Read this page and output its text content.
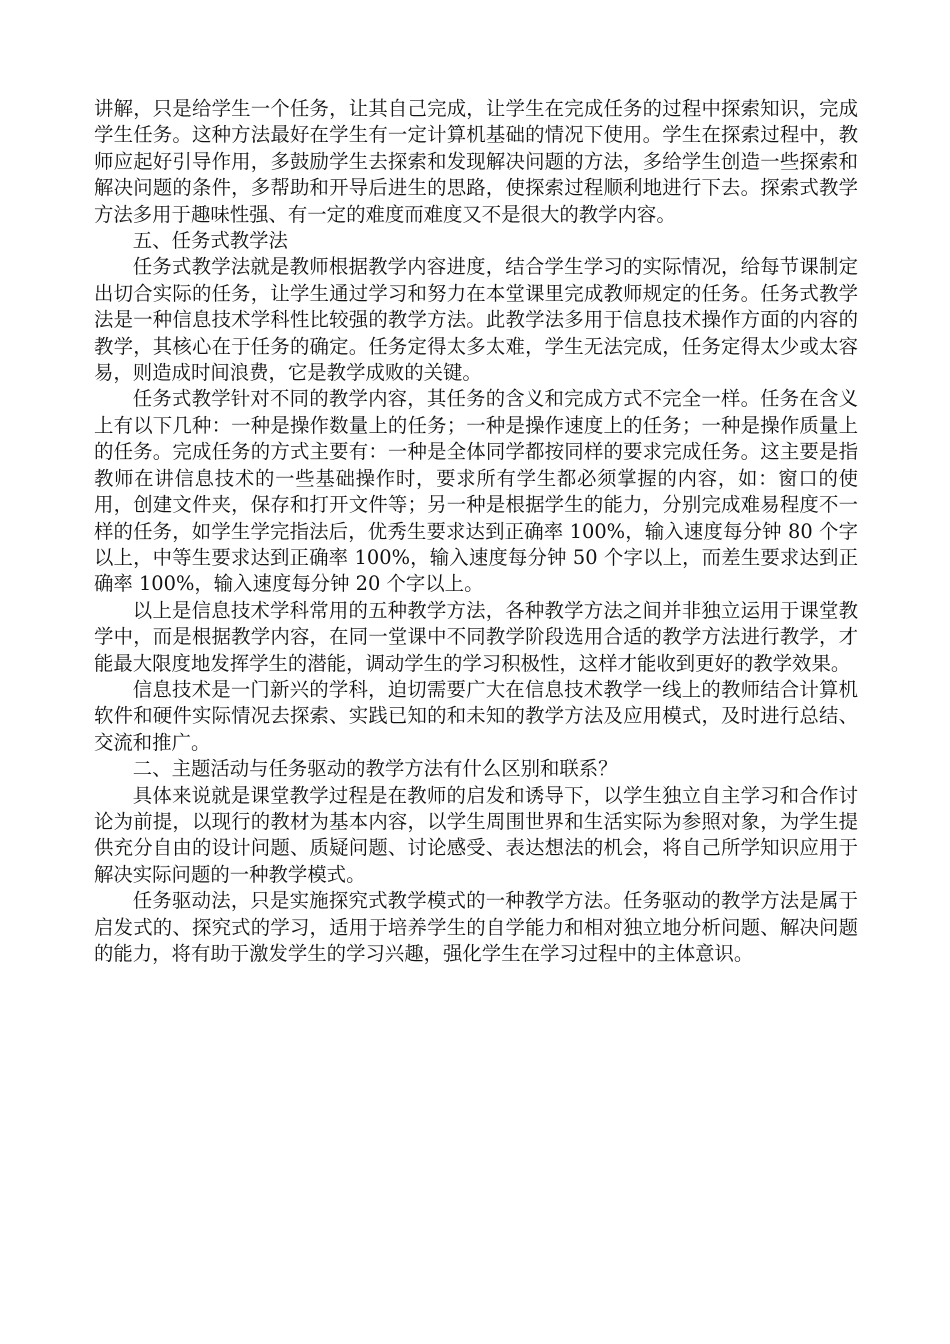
讲解，只是给学生一个任务，让其自己完成，让学生在完成任务的过程中探索知识，完成学生任务。这种方法最好在学生有一定计算机基础的情况下使用。学生在探索过程中，教师应起好引导作用，多鼓励学生去探索和发现解决问题的方法，多给学生创造一些探索和解决问题的条件，多帮助和开导后进生的思路，使探索过程顺利地进行下去。探索式教学方法多用于趣味性强、有一定的难度而难度又不是很大的教学内容。

五、任务式教学法

任务式教学法就是教师根据教学内容进度，结合学生学习的实际情况，给每节课制定出切合实际的任务，让学生通过学习和努力在本堂课里完成教师规定的任务。任务式教学法是一种信息技术学科性比较强的教学方法。此教学法多用于信息技术操作方面的内容的教学，其核心在于任务的确定。任务定得太多太难，学生无法完成，任务定得太少或太容易，则造成时间浪费，它是教学成败的关键。

任务式教学针对不同的教学内容，其任务的含义和完成方式不完全一样。任务在含义上有以下几种：一种是操作数量上的任务；一种是操作速度上的任务；一种是操作质量上的任务。完成任务的方式主要有：一种是全体同学都按同样的要求完成任务。这主要是指教师在讲信息技术的一些基础操作时，要求所有学生都必须掌握的内容，如：窗口的使用，创建文件夹，保存和打开文件等；另一种是根据学生的能力，分别完成难易程度不一样的任务，如学生学完指法后，优秀生要求达到正确率 100%，输入速度每分钟 80 个字以上，中等生要求达到正确率 100%，输入速度每分钟 50 个字以上，而差生要求达到正确率 100%，输入速度每分钟 20 个字以上。

以上是信息技术学科常用的五种教学方法，各种教学方法之间并非独立运用于课堂教学中，而是根据教学内容，在同一堂课中不同教学阶段选用合适的教学方法进行教学，才能最大限度地发挥学生的潜能，调动学生的学习积极性，这样才能收到更好的教学效果。

信息技术是一门新兴的学科，迫切需要广大在信息技术教学一线上的教师结合计算机软件和硬件实际情况去探索、实践已知的和未知的教学方法及应用模式，及时进行总结、交流和推广。

二、主题活动与任务驱动的教学方法有什么区别和联系？

具体来说就是课堂教学过程是在教师的启发和诱导下，以学生独立自主学习和合作讨论为前提，以现行的教材为基本内容，以学生周围世界和生活实际为参照对象，为学生提供充分自由的设计问题、质疑问题、讨论感受、表达想法的机会，将自己所学知识应用于解决实际问题的一种教学模式。

任务驱动法，只是实施探究式教学模式的一种教学方法。任务驱动的教学方法是属于启发式的、探究式的学习，适用于培养学生的自学能力和相对独立地分析问题、解决问题的能力，将有助于激发学生的学习兴趣，强化学生在学习过程中的主体意识。
